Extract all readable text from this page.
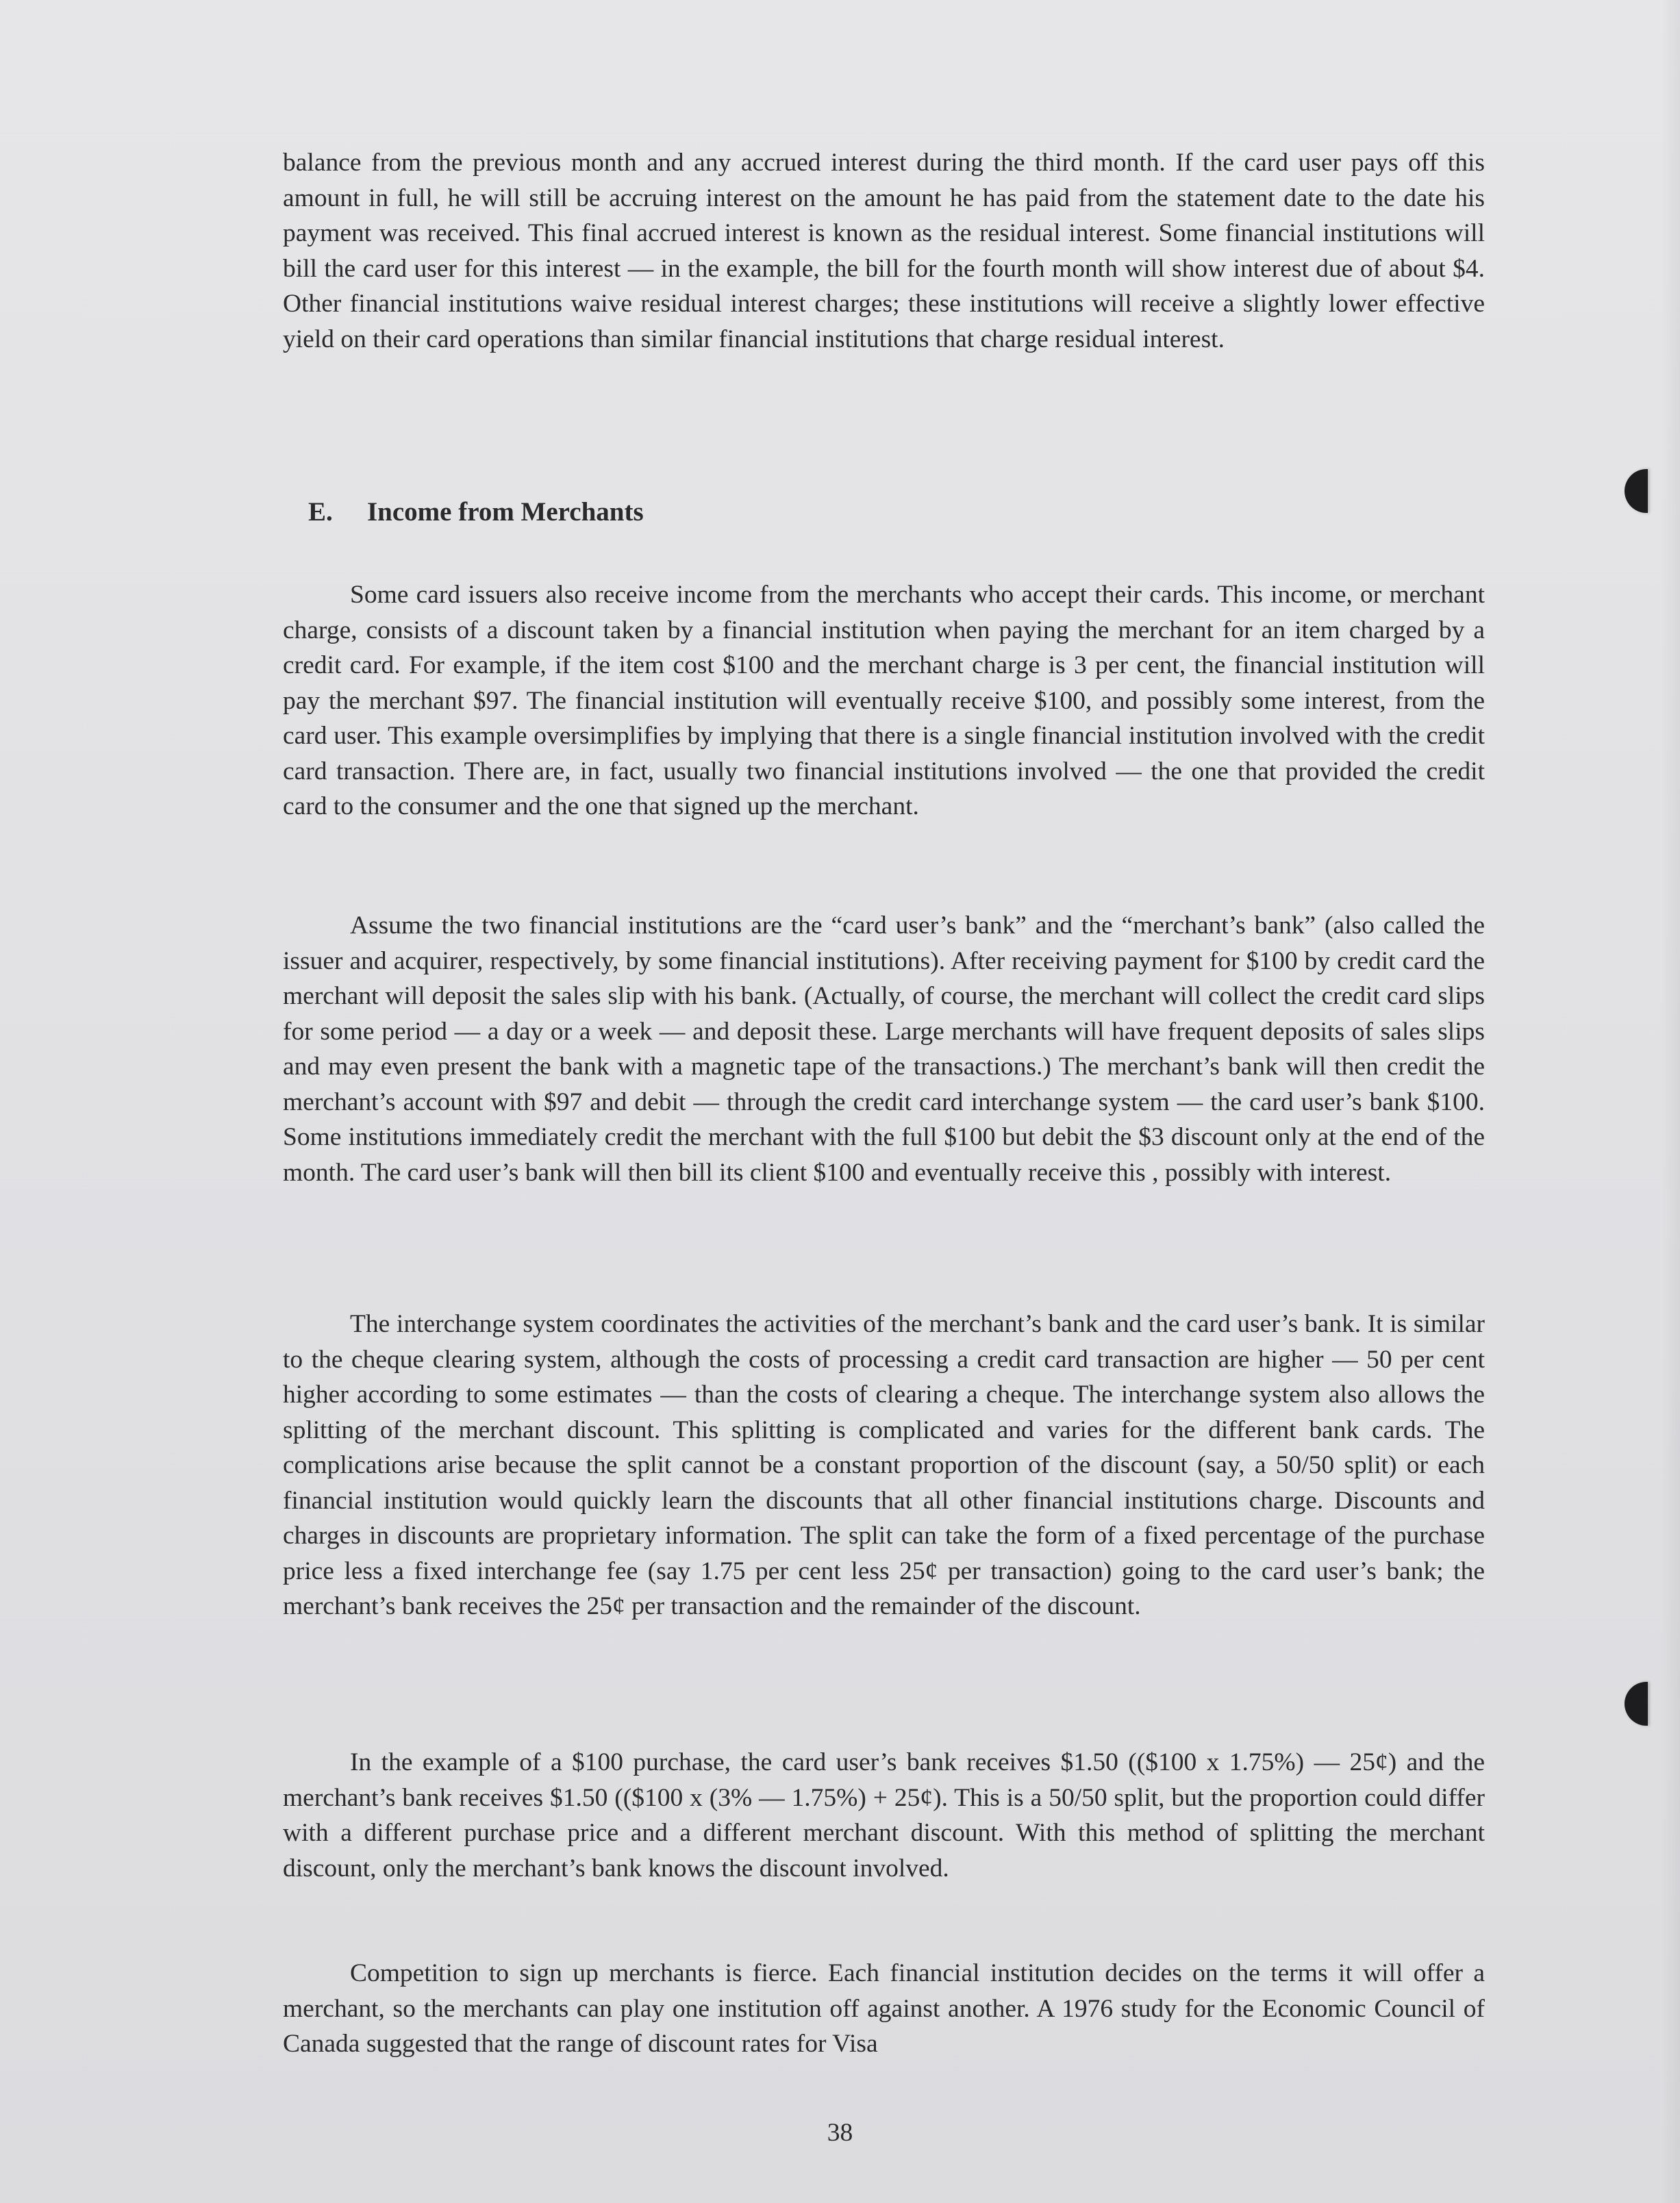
balance from the previous month and any accrued interest during the third month. If the card user pays off this amount in full, he will still be accruing interest on the amount he has paid from the statement date to the date his payment was received. This final accrued interest is known as the residual interest. Some financial institutions will bill the card user for this interest — in the example, the bill for the fourth month will show interest due of about $4. Other financial institutions waive residual interest charges; these institutions will receive a slightly lower effective yield on their card operations than similar financial institutions that charge residual interest.

E. Income from Merchants

Some card issuers also receive income from the merchants who accept their cards. This income, or merchant charge, consists of a discount taken by a financial institution when paying the merchant for an item charged by a credit card. For example, if the item cost $100 and the merchant charge is 3 per cent, the financial institution will pay the merchant $97. The financial institution will eventually receive $100, and possibly some interest, from the card user. This example oversimplifies by implying that there is a single financial institution involved with the credit card transaction. There are, in fact, usually two financial institutions involved — the one that provided the credit card to the consumer and the one that signed up the merchant.

Assume the two financial institutions are the “card user’s bank” and the “merchant’s bank” (also called the issuer and acquirer, respectively, by some financial institutions). After receiving payment for $100 by credit card the merchant will deposit the sales slip with his bank. (Actually, of course, the merchant will collect the credit card slips for some period — a day or a week — and deposit these. Large merchants will have frequent deposits of sales slips and may even present the bank with a magnetic tape of the transactions.) The merchant’s bank will then credit the merchant’s account with $97 and debit — through the credit card interchange system — the card user’s bank $100. Some institutions immediately credit the merchant with the full $100 but debit the $3 discount only at the end of the month. The card user’s bank will then bill its client $100 and eventually receive this , possibly with interest.

The interchange system coordinates the activities of the merchant’s bank and the card user’s bank. It is similar to the cheque clearing system, although the costs of processing a credit card transaction are higher — 50 per cent higher according to some estimates — than the costs of clearing a cheque. The interchange system also allows the splitting of the merchant discount. This splitting is complicated and varies for the different bank cards. The complications arise because the split cannot be a constant proportion of the discount (say, a 50/50 split) or each financial institution would quickly learn the discounts that all other financial institutions charge. Discounts and charges in discounts are proprietary information. The split can take the form of a fixed percentage of the purchase price less a fixed interchange fee (say 1.75 per cent less 25¢ per transaction) going to the card user’s bank; the merchant’s bank receives the 25¢ per transaction and the remainder of the discount.

In the example of a $100 purchase, the card user’s bank receives $1.50 (($100 x 1.75%) — 25¢) and the merchant’s bank receives $1.50 (($100 x (3% — 1.75%) + 25¢). This is a 50/50 split, but the proportion could differ with a different purchase price and a different merchant discount. With this method of splitting the merchant discount, only the merchant’s bank knows the discount involved.

Competition to sign up merchants is fierce. Each financial institution decides on the terms it will offer a merchant, so the merchants can play one institution off against another. A 1976 study for the Economic Council of Canada suggested that the range of discount rates for Visa

38
